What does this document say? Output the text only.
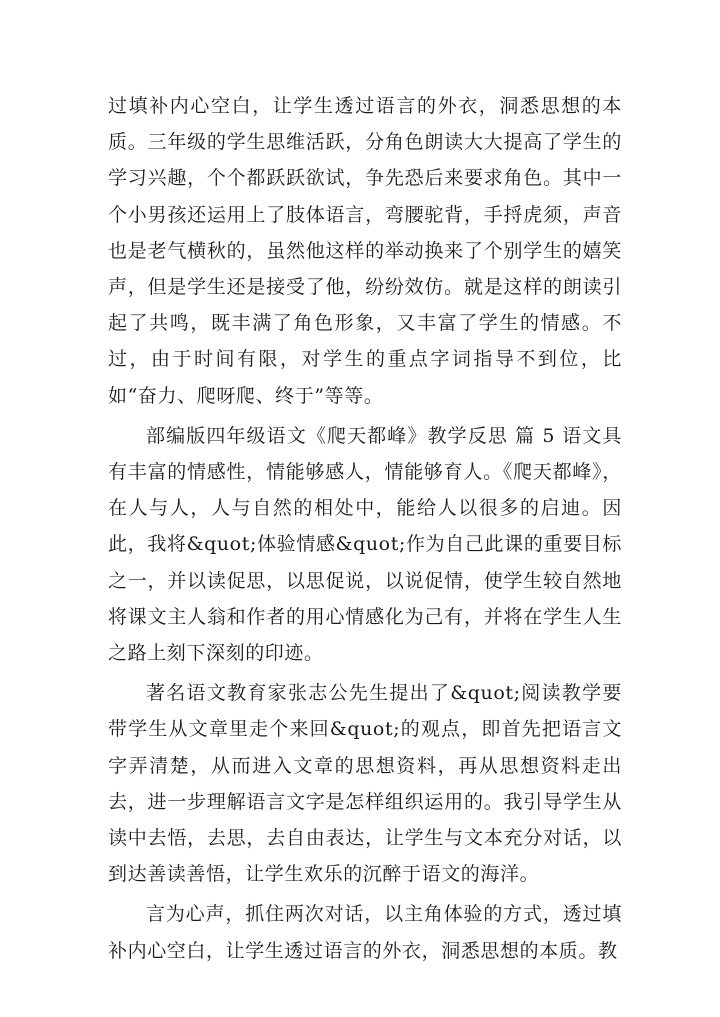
过填补内心空白，让学生透过语言的外衣，洞悉思想的本质。三年级的学生思维活跃，分角色朗读大大提高了学生的学习兴趣，个个都跃跃欲试，争先恐后来要求角色。其中一个小男孩还运用上了肢体语言，弯腰驼背，手捋虎须，声音也是老气横秋的，虽然他这样的举动换来了个别学生的嬉笑声，但是学生还是接受了他，纷纷效仿。就是这样的朗读引起了共鸣，既丰满了角色形象，又丰富了学生的情感。不过，由于时间有限，对学生的重点字词指导不到位，比如“奋力、爬呀爬、终于”等等。

部编版四年级语文《爬天都峰》教学反思 篇 5 语文具有丰富的情感性，情能够感人，情能够育人。《爬天都峰》，在人与人，人与自然的相处中，能给人以很多的启迪。因此，我将&quot;体验情感&quot;作为自己此课的重要目标之一，并以读促思，以思促说，以说促情，使学生较自然地将课文主人翁和作者的用心情感化为己有，并将在学生人生之路上刻下深刻的印迹。

著名语文教育家张志公先生提出了&quot;阅读教学要带学生从文章里走个来回&quot;的观点，即首先把语言文字弄清楚，从而进入文章的思想资料，再从思想资料走出去，进一步理解语言文字是怎样组织运用的。我引导学生从读中去悟，去思，去自由表达，让学生与文本充分对话，以到达善读善悟，让学生欢乐的沉醉于语文的海洋。

言为心声，抓住两次对话，以主角体验的方式，透过填补内心空白，让学生透过语言的外衣，洞悉思想的本质。教
